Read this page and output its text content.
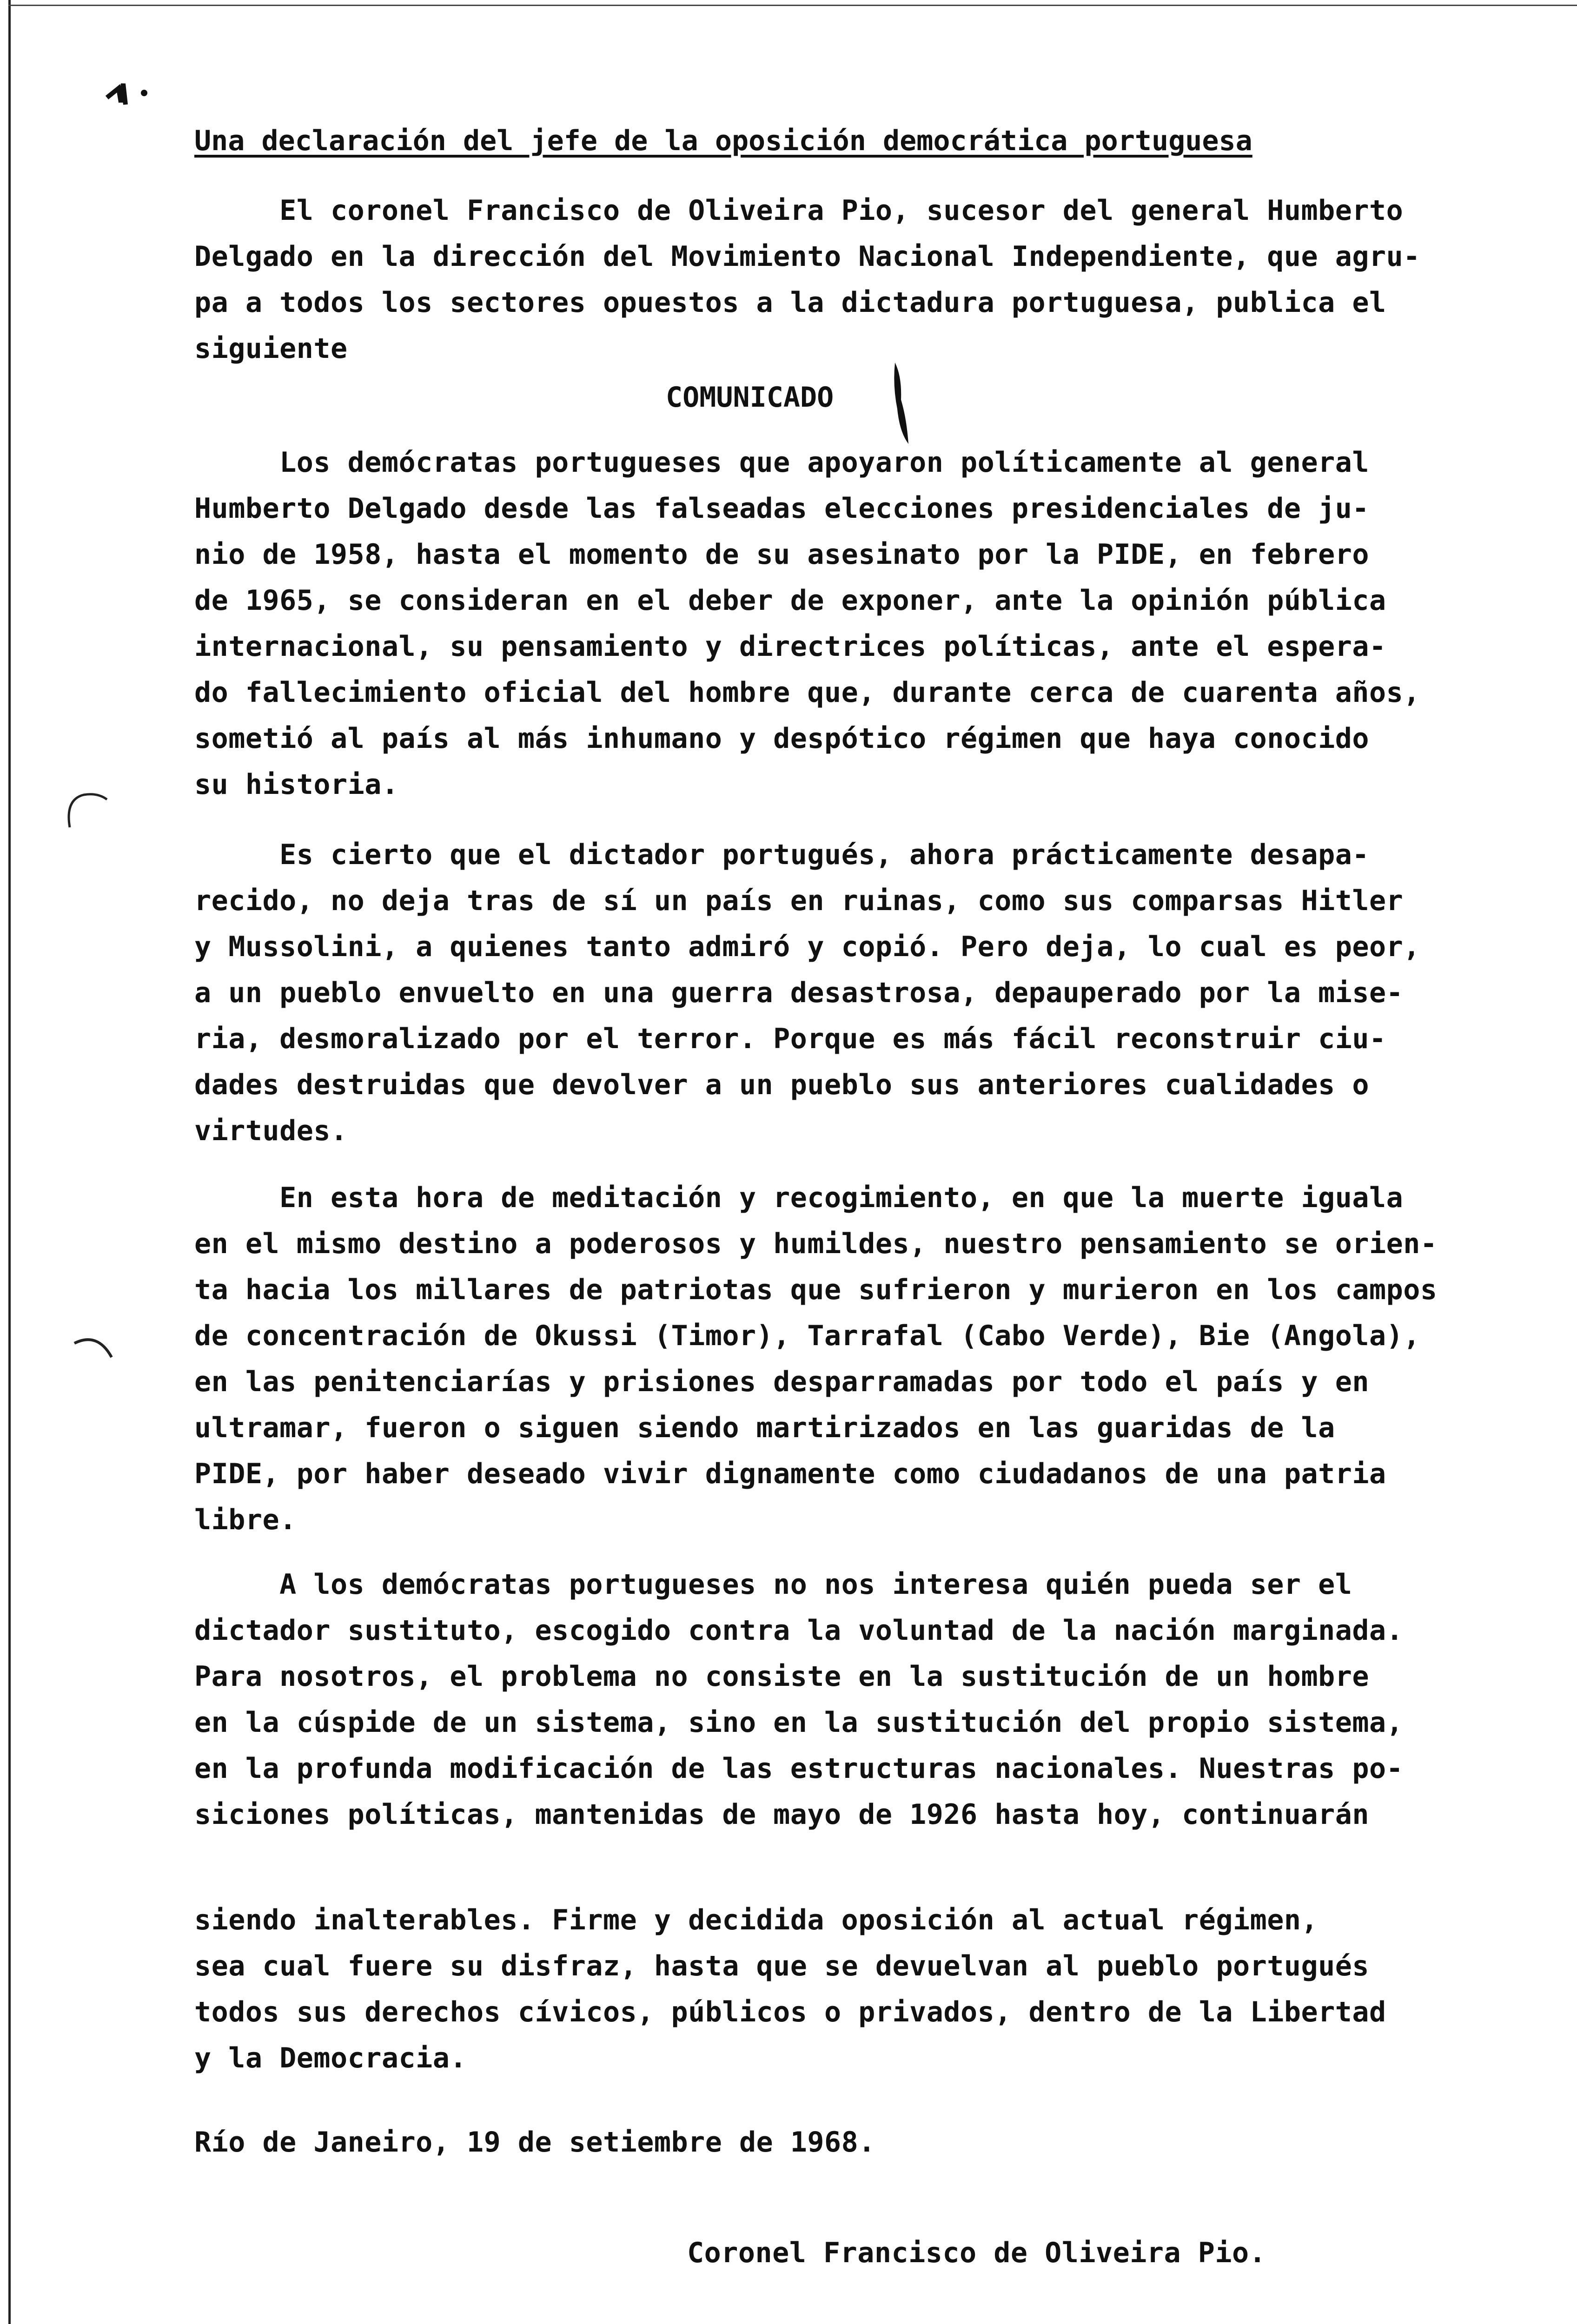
Una declaración del jefe de la oposición democrática portuguesa
El coronel Francisco de Oliveira Pio, sucesor del general Humberto
Delgado en la dirección del Movimiento Nacional Independiente, que agru-
pa a todos los sectores opuestos a la dictadura portuguesa, publica el
siguiente
COMUNICADO
Los demócratas portugueses que apoyaron políticamente al general
Humberto Delgado desde las falseadas elecciones presidenciales de ju-
nio de 1958, hasta el momento de su asesinato por la PIDE, en febrero
de 1965, se consideran en el deber de exponer, ante la opinión pública
internacional, su pensamiento y directrices políticas, ante el espera-
do fallecimiento oficial del hombre que, durante cerca de cuarenta años,
sometió al país al más inhumano y despótico régimen que haya conocido
su historia.
Es cierto que el dictador portugués, ahora prácticamente desapa-
recido, no deja tras de sí un país en ruinas, como sus comparsas Hitler
y Mussolini, a quienes tanto admiró y copió. Pero deja, lo cual es peor,
a un pueblo envuelto en una guerra desastrosa, depauperado por la mise-
ria, desmoralizado por el terror. Porque es más fácil reconstruir ciu-
dades destruidas que devolver a un pueblo sus anteriores cualidades o
virtudes.
En esta hora de meditación y recogimiento, en que la muerte iguala
en el mismo destino a poderosos y humildes, nuestro pensamiento se orien-
ta hacia los millares de patriotas que sufrieron y murieron en los campos
de concentración de Okussi (Timor), Tarrafal (Cabo Verde), Bie (Angola),
en las penitenciarías y prisiones desparramadas por todo el país y en
ultramar, fueron o siguen siendo martirizados en las guaridas de la
PIDE, por haber deseado vivir dignamente como ciudadanos de una patria
libre.
A los demócratas portugueses no nos interesa quién pueda ser el
dictador sustituto, escogido contra la voluntad de la nación marginada.
Para nosotros, el problema no consiste en la sustitución de un hombre
en la cúspide de un sistema, sino en la sustitución del propio sistema,
en la profunda modificación de las estructuras nacionales. Nuestras po-
siciones políticas, mantenidas de mayo de 1926 hasta hoy, continuarán
siendo inalterables. Firme y decidida oposición al actual régimen,
sea cual fuere su disfraz, hasta que se devuelvan al pueblo portugués
todos sus derechos cívicos, públicos o privados, dentro de la Libertad
y la Democracia.
Río de Janeiro, 19 de setiembre de 1968.
Coronel Francisco de Oliveira Pio.
